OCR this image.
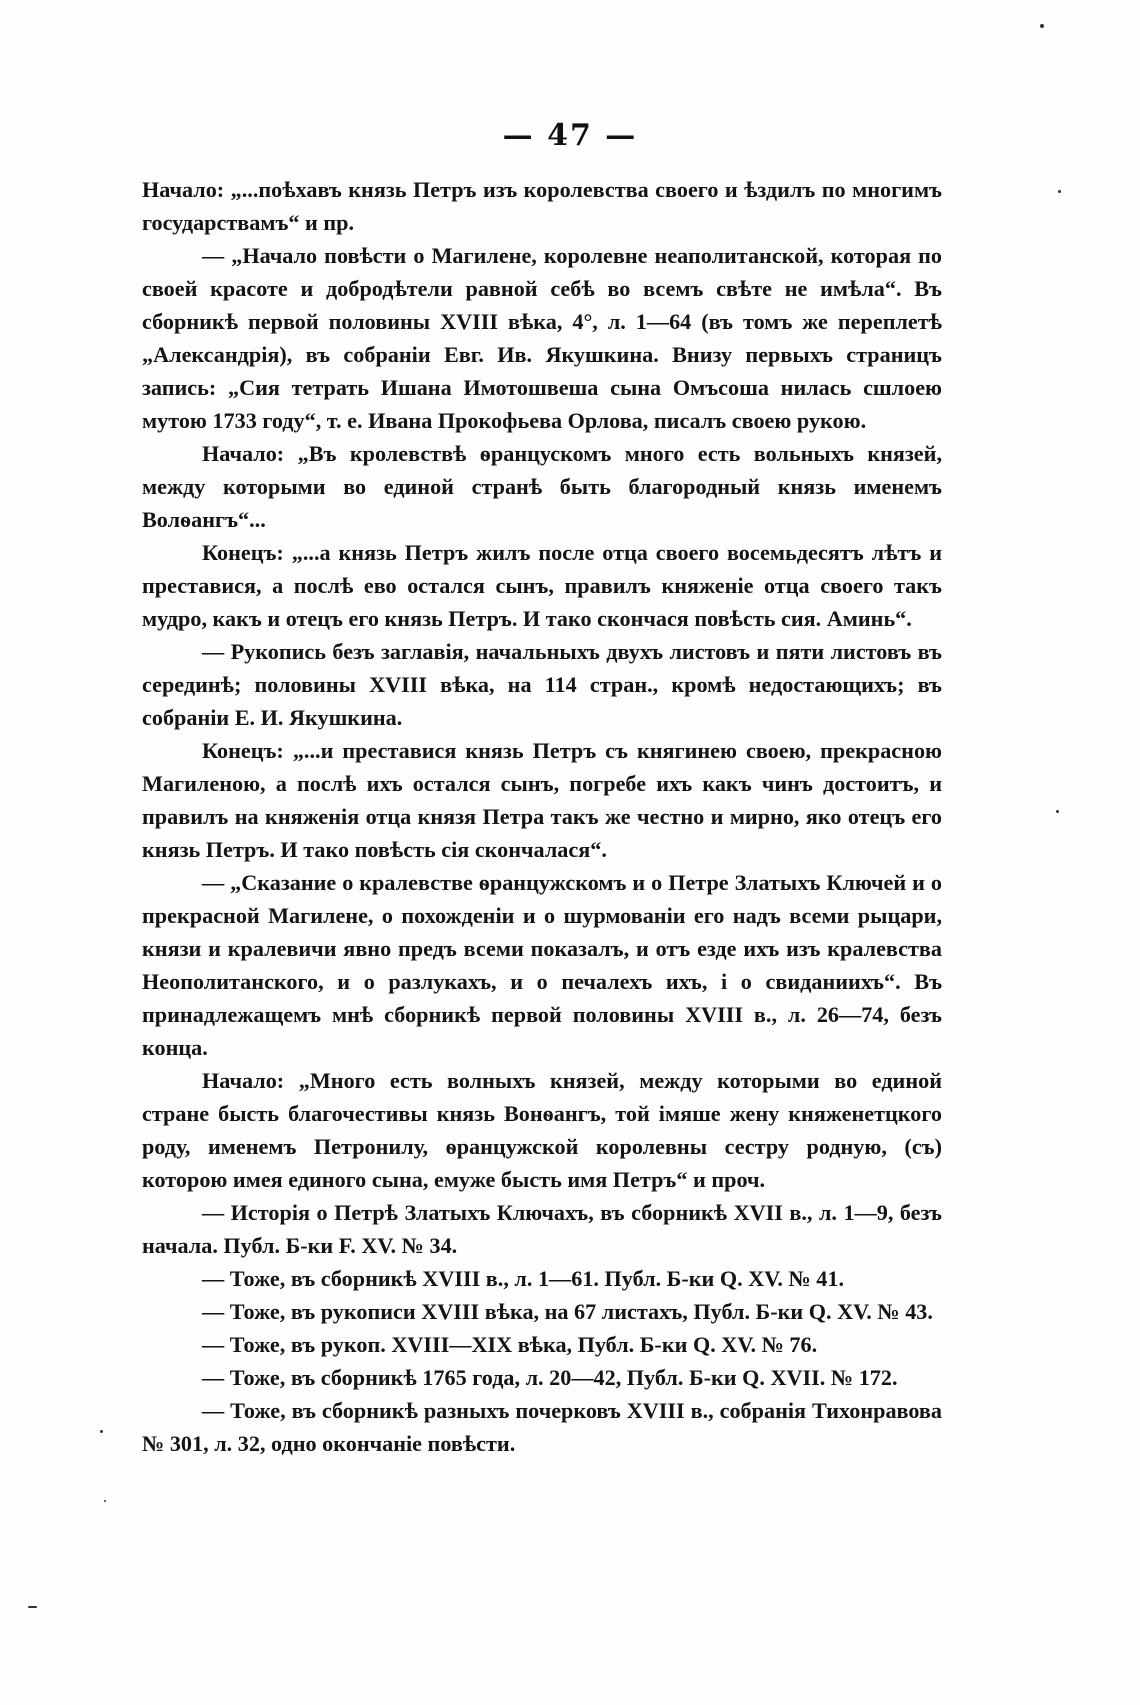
— 47 —

Начало: „...поѣхавъ князь Петръ изъ королевства своего и ѣздилъ по многимъ государствамъ“ и пр.

— „Начало повѣсти о Магилене, королевне неаполитанской, которая по своей красоте и добродѣтели равной себѣ во всемъ свѣте не имѣла“. Въ сборникѣ первой половины XVIII вѣка, 4°, л. 1—64 (въ томъ же переплетѣ „Александрія), въ собраніи Евг. Ив. Якушкина. Внизу первыхъ страницъ запись: „Сия тетрать Ишана Имотошвеша сына Омъсоша нилась сшлоею мутою 1733 году“, т. е. Ивана Прокофьева Орлова, писалъ своею рукою.

Начало: „Въ кролевствѣ ѳранцускомъ много есть вольныхъ князей, между которыми во единой странѣ быть благородный князь именемъ Волѳангъ“...

Конецъ: „...а князь Петръ жилъ после отца своего восемьдесятъ лѣтъ и преставися, а послѣ ево остался сынъ, правилъ княженіе отца своего такъ мудро, какъ и отецъ его князь Петръ. И тако скончася повѣсть сия. Аминь“.

— Рукопись безъ заглавія, начальныхъ двухъ листовъ и пяти листовъ въ серединѣ; половины XVIII вѣка, на 114 стран., кромѣ недостающихъ; въ собраніи Е. И. Якушкина.

Конецъ: „...и преставися князь Петръ съ княгинею своею, прекрасною Магиленою, а послѣ ихъ остался сынъ, погребе ихъ какъ чинъ достоитъ, и правилъ на княженія отца князя Петра такъ же честно и мирно, яко отецъ его князь Петръ. И тако повѣсть сія скончалася“.

— „Сказание о кралевстве ѳранцужскомъ и о Петре Златыхъ Ключей и о прекрасной Магилене, о похожденіи и о шурмованіи его надъ всеми рыцари, князи и кралевичи явно предъ всеми показалъ, и отъ езде ихъ изъ кралевства Неополитанского, и о разлукахъ, и о печалехъ ихъ, і о свиданиихъ“. Въ принадлежащемъ мнѣ сборникѣ первой половины XVIII в., л. 26—74, безъ конца.

Начало: „Много есть волныхъ князей, между которыми во единой стране бысть благочестивы князь Вонѳангъ, той імяше жену княженетцкого роду, именемъ Петронилу, ѳранцужской королевны сестру родную, (съ) которою имея единого сына, емуже бысть имя Петръ“ и проч.

— Исторія о Петрѣ Златыхъ Ключахъ, въ сборникѣ XVII в., л. 1—9, безъ начала. Публ. Б-ки F. XV. № 34.

— Тоже, въ сборникѣ XVIII в., л. 1—61. Публ. Б-ки Q. XV. № 41.

— Тоже, въ рукописи XVIII вѣка, на 67 листахъ, Публ. Б-ки Q. XV. № 43.

— Тоже, въ рукоп. XVIII—XIX вѣка, Публ. Б-ки Q. XV. № 76.

— Тоже, въ сборникѣ 1765 года, л. 20—42, Публ. Б-ки Q. XVII. № 172.

— Тоже, въ сборникѣ разныхъ почерковъ XVIII в., собранія Тихонравова № 301, л. 32, одно окончаніе повѣсти.
